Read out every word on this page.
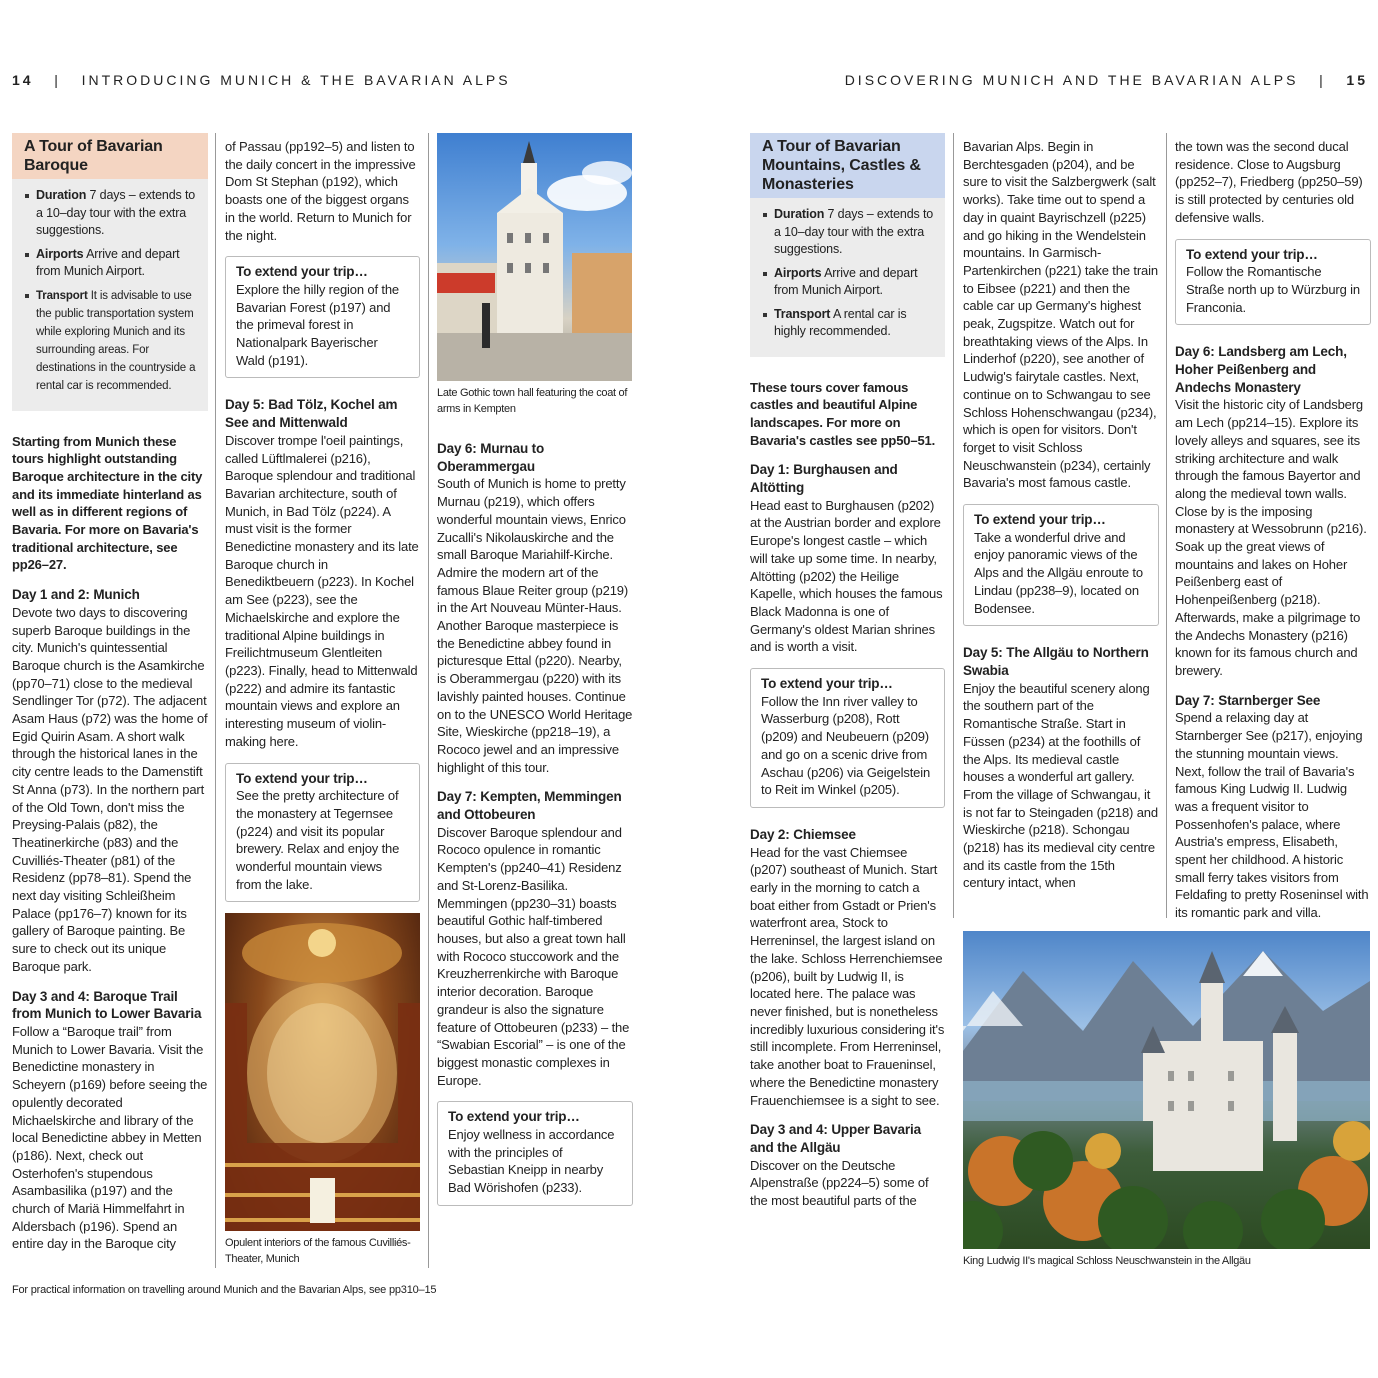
14   |   INTRODUCING MUNICH & THE BAVARIAN ALPS	DISCOVERING MUNICH AND THE BAVARIAN ALPS   |   15
A Tour of Bavarian Baroque
Duration 7 days – extends to a 10–day tour with the extra suggestions.
Airports Arrive and depart from Munich Airport.
Transport It is advisable to use the public transportation system while exploring Munich and its surrounding areas. For destinations in the countryside a rental car is recommended.

Starting from Munich these tours highlight outstanding Baroque architecture in the city and its immediate hinterland as well as in different regions of Bavaria. For more on Bavaria's traditional architecture, see pp26–27.

Day 1 and 2: Munich

Devote two days to discovering superb Baroque buildings in the city. Munich's quintessential Baroque church is the Asamkirche (pp70–71) close to the medieval Sendlinger Tor (p72). The adjacent Asam Haus (p72) was the home of Egid Quirin Asam. A short walk through the historical lanes in the city centre leads to the Damenstift St Anna (p73). In the northern part of the Old Town, don't miss the Preysing-Palais (p82), the Theatinerkirche (p83) and the Cuvilliés-Theater (p81) of the Residenz (pp78–81). Spend the next day visiting Schleißheim Palace (pp176–7) known for its gallery of Baroque painting. Be sure to check out its unique Baroque park.

Day 3 and 4: Baroque Trail from Munich to Lower Bavaria

Follow a “Baroque trail” from Munich to Lower Bavaria. Visit the Benedictine monastery in Scheyern (p169) before seeing the opulently decorated Michaelskirche and library of the local Benedictine abbey in Metten (p186). Next, check out Osterhofen's stupendous Asambasilika (p197) and the church of Mariä Himmelfahrt in Aldersbach (p196). Spend an entire day in the Baroque city

of Passau (pp192–5) and listen to the daily concert in the impressive Dom St Stephan (p192), which boasts one of the biggest organs in the world. Return to Munich for the night.

To extend your trip…
Explore the hilly region of the Bavarian Forest (p197) and the primeval forest in Nationalpark Bayerischer Wald (p191).
Day 5: Bad Tölz, Kochel am See and Mittenwald

Discover trompe l'oeil paintings, called Lüftlmalerei (p216), Baroque splendour and traditional Bavarian architecture, south of Munich, in Bad Tölz (p224). A must visit is the former Benedictine monastery and its late Baroque church in Benediktbeuern (p223). In Kochel am See (p223), see the Michaelskirche and explore the traditional Alpine buildings in Freilichtmuseum Glentleiten (p223). Finally, head to Mittenwald (p222) and admire its fantastic mountain views and explore an interesting museum of violin-making here.

To extend your trip…
See the pretty architecture of the monastery at Tegernsee (p224) and visit its popular brewery. Relax and enjoy the wonderful mountain views from the lake.
Opulent interiors of the famous Cuvilliés-Theater, Munich
Late Gothic town hall featuring the coat of arms in Kempten
Day 6: Murnau to Oberammergau

South of Munich is home to pretty Murnau (p219), which offers wonderful mountain views, Enrico Zucalli's Nikolauskirche and the small Baroque Mariahilf-Kirche. Admire the modern art of the famous Blaue Reiter group (p219) in the Art Nouveau Münter-Haus. Another Baroque masterpiece is the Benedictine abbey found in picturesque Ettal (p220). Nearby, is Oberammergau (p220) with its lavishly painted houses. Continue on to the UNESCO World Heritage Site, Wieskirche (pp218–19), a Rococo jewel and an impressive highlight of this tour.

Day 7: Kempten, Memmingen and Ottobeuren

Discover Baroque splendour and Rococo opulence in romantic Kempten's (pp240–41) Residenz and St-Lorenz-Basilika. Memmingen (pp230–31) boasts beautiful Gothic half-timbered houses, but also a great town hall with Rococo stuccowork and the Kreuzherrenkirche with Baroque interior decoration. Baroque grandeur is also the signature feature of Ottobeuren (p233) – the “Swabian Escorial” – is one of the biggest monastic complexes in Europe.

To extend your trip…
Enjoy wellness in accordance with the principles of Sebastian Kneipp in nearby Bad Wörishofen (p233).
For practical information on travelling around Munich and the Bavarian Alps, see pp310–15
A Tour of Bavarian Mountains, Castles & Monasteries
Duration 7 days – extends to a 10–day tour with the extra suggestions.
Airports Arrive and depart from Munich Airport.
Transport A rental car is highly recommended.

These tours cover famous castles and beautiful Alpine landscapes. For more on Bavaria's castles see pp50–51.

Day 1: Burghausen and Altötting

Head east to Burghausen (p202) at the Austrian border and explore Europe's longest castle – which will take up some time. In nearby, Altötting (p202) the Heilige Kapelle, which houses the famous Black Madonna is one of Germany's oldest Marian shrines and is worth a visit.

To extend your trip…
Follow the Inn river valley to Wasserburg (p208), Rott (p209) and Neubeuern (p209) and go on a scenic drive from Aschau (p206) via Geigelstein to Reit im Winkel (p205).
Day 2: Chiemsee

Head for the vast Chiemsee (p207) southeast of Munich. Start early in the morning to catch a boat either from Gstadt or Prien's waterfront area, Stock to Herreninsel, the largest island on the lake. Schloss Herrenchiemsee (p206), built by Ludwig II, is located here. The palace was never finished, but is nonetheless incredibly luxurious considering it's still incomplete. From Herreninsel, take another boat to Fraueninsel, where the Benedictine monastery Frauenchiemsee is a sight to see.

Day 3 and 4: Upper Bavaria and the Allgäu

Discover on the Deutsche Alpenstraße (pp224–5) some of the most beautiful parts of the

Bavarian Alps. Begin in Berchtesgaden (p204), and be sure to visit the Salzbergwerk (salt works). Take time out to spend a day in quaint Bayrischzell (p225) and go hiking in the Wendelstein mountains. In Garmisch-Partenkirchen (p221) take the train to Eibsee (p221) and then the cable car up Germany's highest peak, Zugspitze. Watch out for breathtaking views of the Alps. In Linderhof (p220), see another of Ludwig's fairytale castles. Next, continue on to Schwangau to see Schloss Hohenschwangau (p234), which is open for visitors. Don't forget to visit Schloss Neuschwanstein (p234), certainly Bavaria's most famous castle.

To extend your trip…
Take a wonderful drive and enjoy panoramic views of the Alps and the Allgäu enroute to Lindau (pp238–9), located on Bodensee.
Day 5: The Allgäu to Northern Swabia

Enjoy the beautiful scenery along the southern part of the Romantische Straße. Start in Füssen (p234) at the foothills of the Alps. Its medieval castle houses a wonderful art gallery. From the village of Schwangau, it is not far to Steingaden (p218) and Wieskirche (p218). Schongau (p218) has its medieval city centre and its castle from the 15th century intact, when

the town was the second ducal residence. Close to Augsburg (pp252–7), Friedberg (pp250–59) is still protected by centuries old defensive walls.

To extend your trip…
Follow the Romantische Straße north up to Würzburg in Franconia.
Day 6: Landsberg am Lech, Hoher Peißenberg and Andechs Monastery

Visit the historic city of Landsberg am Lech (pp214–15). Explore its lovely alleys and squares, see its striking architecture and walk through the famous Bayertor and along the medieval town walls. Close by is the imposing monastery at Wessobrunn (p216). Soak up the great views of mountains and lakes on Hoher Peißenberg east of Hohenpeißenberg (p218). Afterwards, make a pilgrimage to the Andechs Monastery (p216) known for its famous church and brewery.

Day 7: Starnberger See

Spend a relaxing day at Starnberger See (p217), enjoying the stunning mountain views. Next, follow the trail of Bavaria's famous King Ludwig II. Ludwig was a frequent visitor to Possenhofen's palace, where Austria's empress, Elisabeth, spent her childhood. A historic small ferry takes visitors from Feldafing to pretty Roseninsel with its romantic park and villa.

King Ludwig II's magical Schloss Neuschwanstein in the Allgäu
